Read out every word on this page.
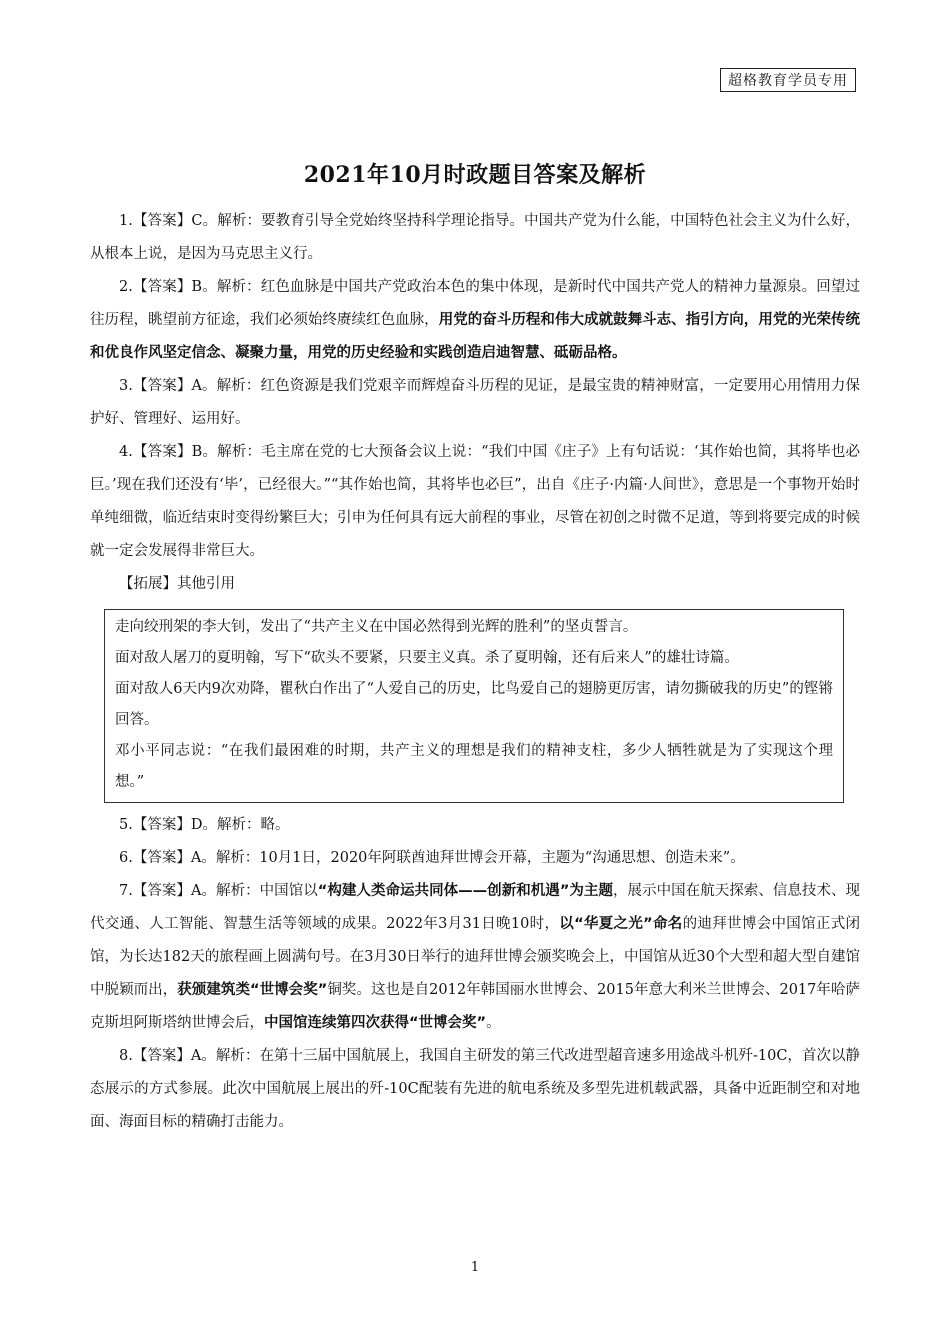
超格教育学员专用
2021年10月时政题目答案及解析

1.【答案】C。解析：要教育引导全党始终坚持科学理论指导。中国共产党为什么能，中国特色社会主义为什么好，从根本上说，是因为马克思主义行。

2.【答案】B。解析：红色血脉是中国共产党政治本色的集中体现，是新时代中国共产党人的精神力量源泉。回望过往历程，眺望前方征途，我们必须始终赓续红色血脉，用党的奋斗历程和伟大成就鼓舞斗志、指引方向，用党的光荣传统和优良作风坚定信念、凝聚力量，用党的历史经验和实践创造启迪智慧、砥砺品格。

3.【答案】A。解析：红色资源是我们党艰辛而辉煌奋斗历程的见证，是最宝贵的精神财富，一定要用心用情用力保护好、管理好、运用好。

4.【答案】B。解析：毛主席在党的七大预备会议上说：“我们中国《庄子》上有句话说：‘其作始也简，其将毕也必巨。’现在我们还没有‘毕’，已经很大。”“其作始也简，其将毕也必巨”，出自《庄子·内篇·人间世》，意思是一个事物开始时单纯细微，临近结束时变得纷繁巨大；引申为任何具有远大前程的事业，尽管在初创之时微不足道，等到将要完成的时候就一定会发展得非常巨大。

【拓展】其他引用

走向绞刑架的李大钊，发出了“共产主义在中国必然得到光辉的胜利”的坚贞誓言。

面对敌人屠刀的夏明翰，写下“砍头不要紧，只要主义真。杀了夏明翰，还有后来人”的雄壮诗篇。

面对敌人6天内9次劝降，瞿秋白作出了“人爱自己的历史，比鸟爱自己的翅膀更厉害，请勿撕破我的历史”的铿锵回答。

邓小平同志说：“在我们最困难的时期，共产主义的理想是我们的精神支柱，多少人牺牲就是为了实现这个理想。”

5.【答案】D。解析：略。

6.【答案】A。解析：10月1日，2020年阿联酋迪拜世博会开幕，主题为“沟通思想、创造未来”。

7.【答案】A。解析：中国馆以“构建人类命运共同体——创新和机遇”为主题，展示中国在航天探索、信息技术、现代交通、人工智能、智慧生活等领域的成果。2022年3月31日晚10时，以“华夏之光”命名的迪拜世博会中国馆正式闭馆，为长达182天的旅程画上圆满句号。在3月30日举行的迪拜世博会颁奖晚会上，中国馆从近30个大型和超大型自建馆中脱颖而出，获颁建筑类“世博会奖”铜奖。这也是自2012年韩国丽水世博会、2015年意大利米兰世博会、2017年哈萨克斯坦阿斯塔纳世博会后，中国馆连续第四次获得“世博会奖”。

8.【答案】A。解析：在第十三届中国航展上，我国自主研发的第三代改进型超音速多用途战斗机歼-10C，首次以静态展示的方式参展。此次中国航展上展出的歼-10C配装有先进的航电系统及多型先进机载武器，具备中近距制空和对地面、海面目标的精确打击能力。

1
